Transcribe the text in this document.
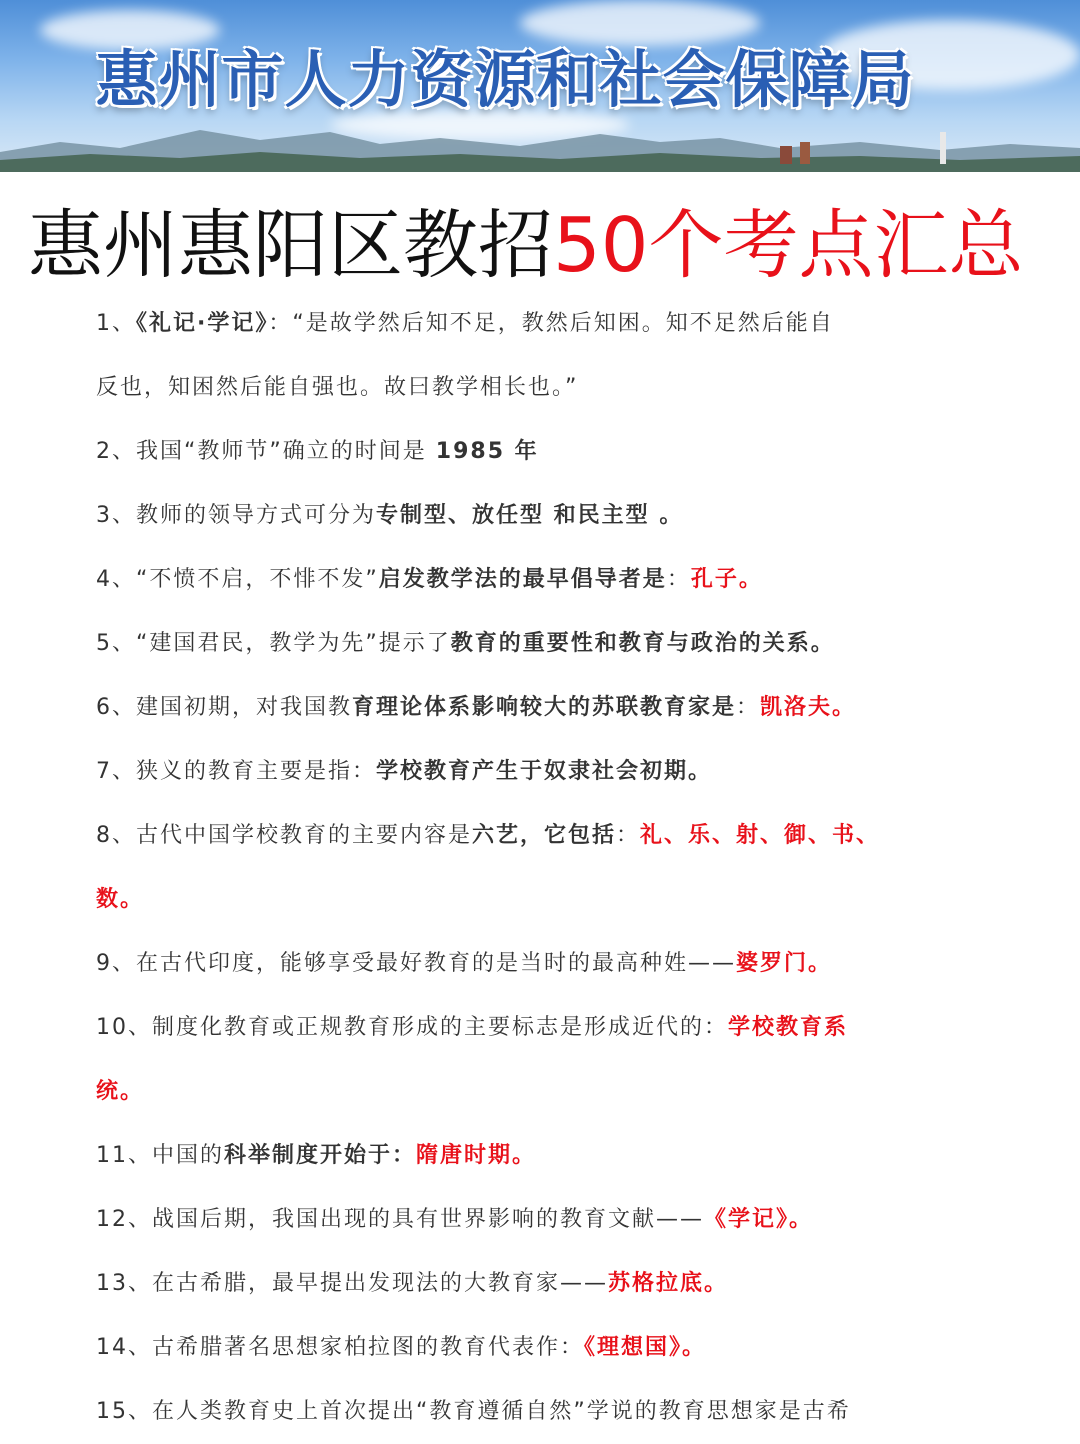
惠州市人力资源和社会保障局
惠州惠阳区教招50个考点汇总
1、《礼记·学记》：“是故学然后知不足，教然后知困。知不足然后能自
反也，知困然后能自强也。故曰教学相长也。”
2、我国“教师节”确立的时间是 1985 年
3、教师的领导方式可分为专制型、放任型 和民主型 。
4、“不愤不启，不悱不发”启发教学法的最早倡导者是：孔子。
5、“建国君民，教学为先”提示了教育的重要性和教育与政治的关系。
6、建国初期，对我国教育理论体系影响较大的苏联教育家是：凯洛夫。
7、狭义的教育主要是指：学校教育产生于奴隶社会初期。
8、古代中国学校教育的主要内容是六艺，它包括：礼、乐、射、御、书、
数。
9、在古代印度，能够享受最好教育的是当时的最高种姓——婆罗门。
10、制度化教育或正规教育形成的主要标志是形成近代的：学校教育系
统。
11、中国的科举制度开始于：隋唐时期。
12、战国后期，我国出现的具有世界影响的教育文献——《学记》。
13、在古希腊，最早提出发现法的大教育家——苏格拉底。
14、古希腊著名思想家柏拉图的教育代表作：《理想国》。
15、在人类教育史上首次提出“教育遵循自然”学说的教育思想家是古希
